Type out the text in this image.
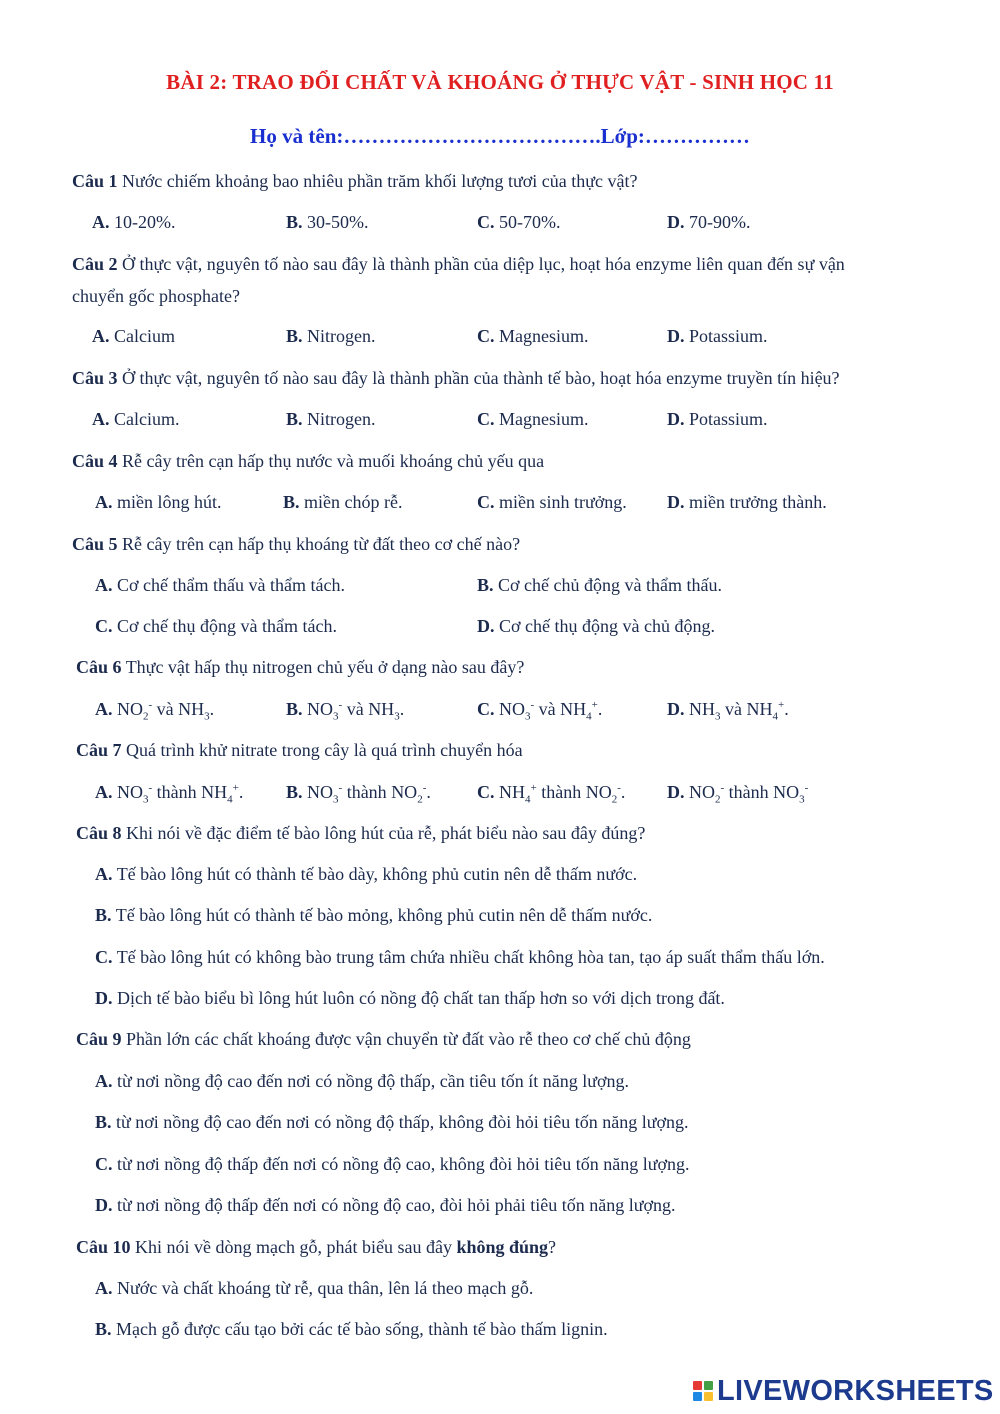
BÀI 2: TRAO ĐỔI CHẤT VÀ KHOÁNG Ở THỰC VẬT - SINH HỌC 11
Họ và tên:……………………………….Lớp:……………
Câu 1 Nước chiếm khoảng bao nhiêu phần trăm khối lượng tươi của thực vật?
A. 10-20%.	B. 30-50%.	C. 50-70%.	D. 70-90%.
Câu 2 Ở thực vật, nguyên tố nào sau đây là thành phần của diệp lục, hoạt hóa enzyme liên quan đến sự vận
chuyển gốc phosphate?
A. Calcium	B. Nitrogen.	C. Magnesium.	D. Potassium.
Câu 3 Ở thực vật, nguyên tố nào sau đây là thành phần của thành tế bào, hoạt hóa enzyme truyền tín hiệu?
A. Calcium.	B. Nitrogen.	C. Magnesium.	D. Potassium.
Câu 4 Rễ cây trên cạn hấp thụ nước và muối khoáng chủ yếu qua
A. miền lông hút.	B. miền chóp rễ.	C. miền sinh trưởng. D. miền trưởng thành.
Câu 5 Rễ cây trên cạn hấp thụ khoáng từ đất theo cơ chế nào?
A. Cơ chế thẩm thấu và thẩm tách.	B. Cơ chế chủ động và thẩm thấu.
C. Cơ chế thụ động và thẩm tách.	D. Cơ chế thụ động và chủ động.
Câu 6 Thực vật hấp thụ nitrogen chủ yếu ở dạng nào sau đây?
A. $NO_2^-$ và $NH_3$.	B. $NO_3^-$ và $NH_3$.	C. $NO_3^-$ và $NH_4^+$.	D. $NH_3$ và $NH_4^+$.
Câu 7 Quá trình khử nitrate trong cây là quá trình chuyển hóa
A. $NO_3^-$ thành $NH_4^+$. B. $NO_3^-$ thành $NO_2^-$.	C. $NH_4^+$ thành $NO_2^-$. D. $NO_2^-$ thành $NO_3^-$
Câu 8 Khi nói về đặc điểm tế bào lông hút của rễ, phát biểu nào sau đây đúng?
A. Tế bào lông hút có thành tế bào dày, không phủ cutin nên dễ thấm nước.
B. Tế bào lông hút có thành tế bào mỏng, không phủ cutin nên dễ thấm nước.
C. Tế bào lông hút có không bào trung tâm chứa nhiều chất không hòa tan, tạo áp suất thẩm thấu lớn.
D. Dịch tế bào biểu bì lông hút luôn có nồng độ chất tan thấp hơn so với dịch trong đất.
Câu 9 Phần lớn các chất khoáng được vận chuyển từ đất vào rễ theo cơ chế chủ động
A. từ nơi nồng độ cao đến nơi có nồng độ thấp, cần tiêu tốn ít năng lượng.
B. từ nơi nồng độ cao đến nơi có nồng độ thấp, không đòi hỏi tiêu tốn năng lượng.
C. từ nơi nồng độ thấp đến nơi có nồng độ cao, không đòi hỏi tiêu tốn năng lượng.
D. từ nơi nồng độ thấp đến nơi có nồng độ cao, đòi hỏi phải tiêu tốn năng lượng.
Câu 10 Khi nói về dòng mạch gỗ, phát biểu sau đây không đúng?
A. Nước và chất khoáng từ rễ, qua thân, lên lá theo mạch gỗ.
B. Mạch gỗ được cấu tạo bởi các tế bào sống, thành tế bào thấm lignin.
LIVEWORKSHEETS
